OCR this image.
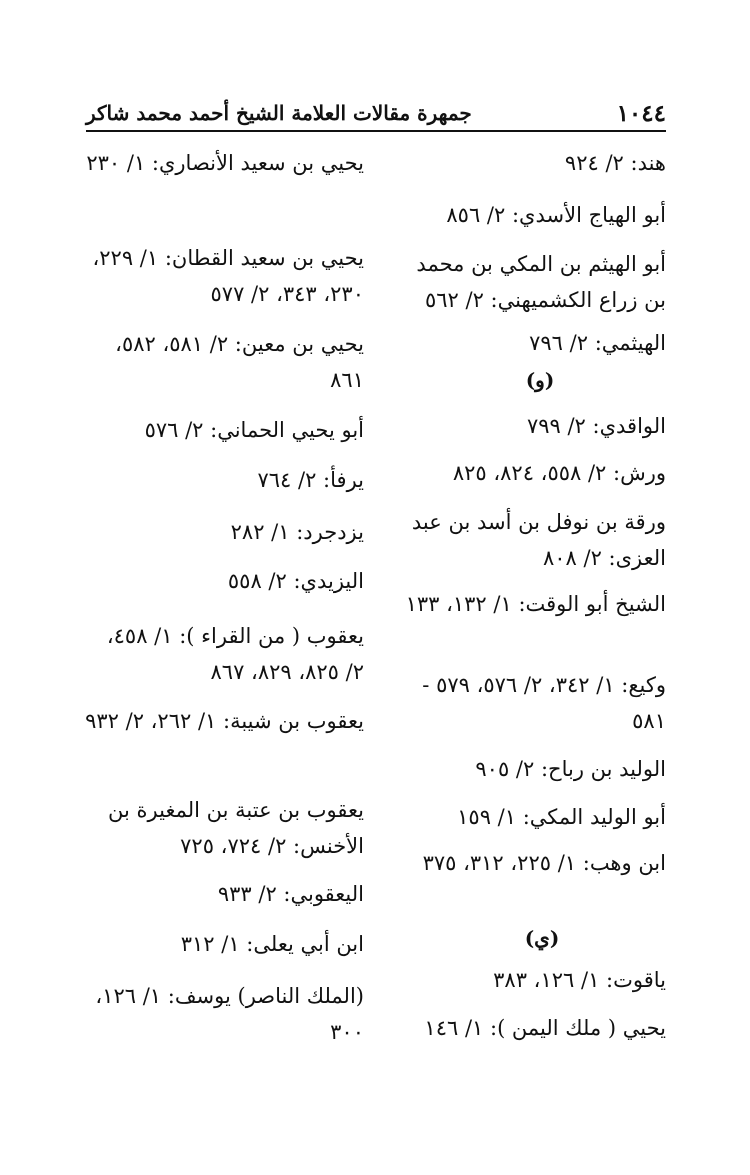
١٠٤٤
جمهرة مقالات العلامة الشيخ أحمد محمد شاكر
هند: ٢/ ٩٢٤
أبو الهياج الأسدي: ٢/ ٨٥٦
أبو الهيثم بن المكي بن محمد بن زراع الكشميهني: ٢/ ٥٦٢
الهيثمي: ٢/ ٧٩٦
(و)
الواقدي: ٢/ ٧٩٩
ورش: ٢/ ٥٥٨، ٨٢٤، ٨٢٥
ورقة بن نوفل بن أسد بن عبد العزى: ٢/ ٨٠٨
الشيخ أبو الوقت: ١/ ١٣٢، ١٣٣
وكيع: ١/ ٣٤٢، ٢/ ٥٧٦، ٥٧٩ - ٥٨١
الوليد بن رباح: ٢/ ٩٠٥
أبو الوليد المكي: ١/ ١٥٩
ابن وهب: ١/ ٢٢٥، ٣١٢، ٣٧٥
(ي)
ياقوت: ١/ ١٢٦، ٣٨٣
يحيي ( ملك اليمن ): ١/ ١٤٦
يحيي بن سعيد الأنصاري: ١/ ٢٣٠
يحيي بن سعيد القطان: ١/ ٢٢٩، ٢٣٠، ٣٤٣، ٢/ ٥٧٧
يحيي بن معين: ٢/ ٥٨١، ٥٨٢، ٨٦١
أبو يحيي الحماني: ٢/ ٥٧٦
يرفأ: ٢/ ٧٦٤
يزدجرد: ١/ ٢٨٢
اليزيدي: ٢/ ٥٥٨
يعقوب ( من القراء ): ١/ ٤٥٨، ٢/ ٨٢٥، ٨٢٩، ٨٦٧
يعقوب بن شيبة: ١/ ٢٦٢، ٢/ ٩٣٢
يعقوب بن عتبة بن المغيرة بن الأخنس: ٢/ ٧٢٤، ٧٢٥
اليعقوبي: ٢/ ٩٣٣
ابن أبي يعلى: ١/ ٣١٢
(الملك الناصر) يوسف: ١/ ١٢٦، ٣٠٠
